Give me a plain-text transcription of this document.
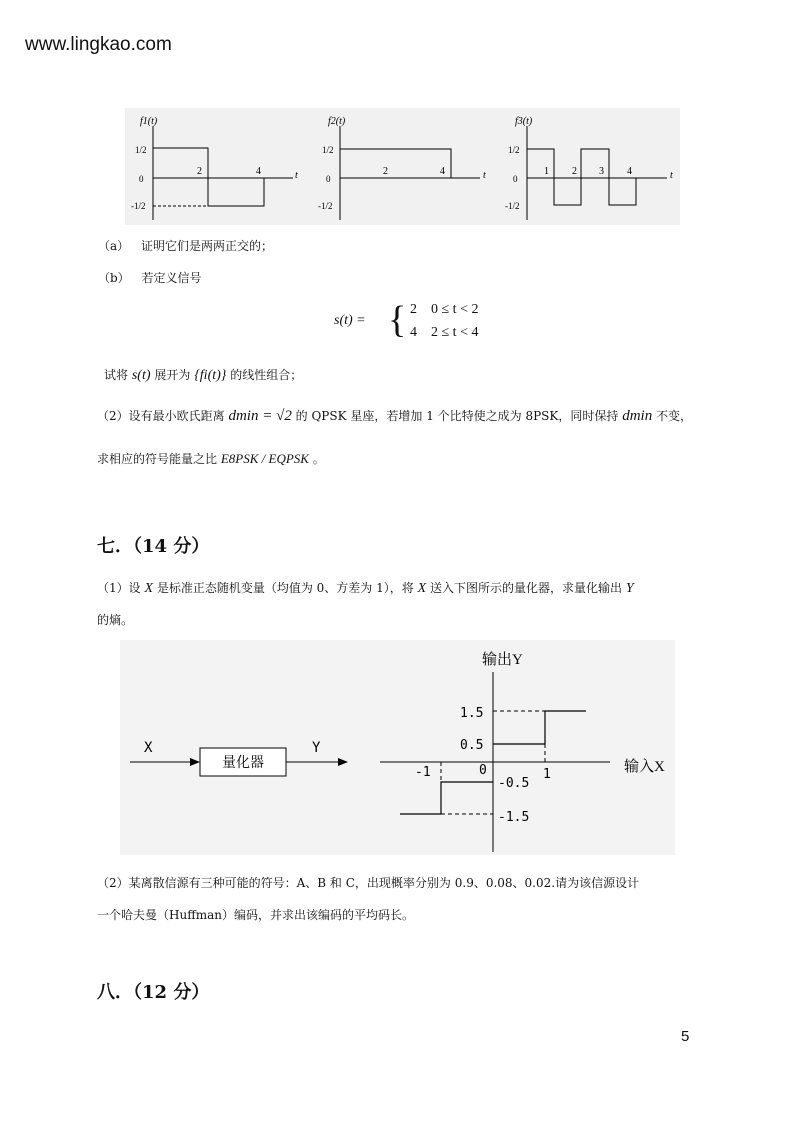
www.lingkao.com
f1(t)
1/2
0
-1/2
t
2	4
f2(t)
1/2
0
-1/2
t
2	4
f3(t)
1/2
0
-1/2
t
1 2 3 4
（a） 证明它们是两两正交的；
（b） 若定义信号
s(t) = { 2    0 ≤ t < 2
4    2 ≤ t < 4
试将 s(t) 展开为 {fi(t)} 的线性组合；
（2）设有最小欧氏距离 dmin = √2 的 QPSK 星座，若增加 1 个比特使之成为 8PSK，同时保持 dmin 不变，
求相应的符号能量之比 E8PSK / EQPSK 。
七．（14 分）
（1）设 X 是标准正态随机变量（均值为 0、方差为 1），将 X 送入下图所示的量化器，求量化输出 Y
的熵。
X
量化器
Y
输出Y
输入X
1.5
0.5
-0.5
-1.5
-1	0	1
（2）某离散信源有三种可能的符号：A、B 和 C，出现概率分别为 0.9、0.08、0.02.请为该信源设计
一个哈夫曼（Huffman）编码，并求出该编码的平均码长。
八．（12 分）
5
